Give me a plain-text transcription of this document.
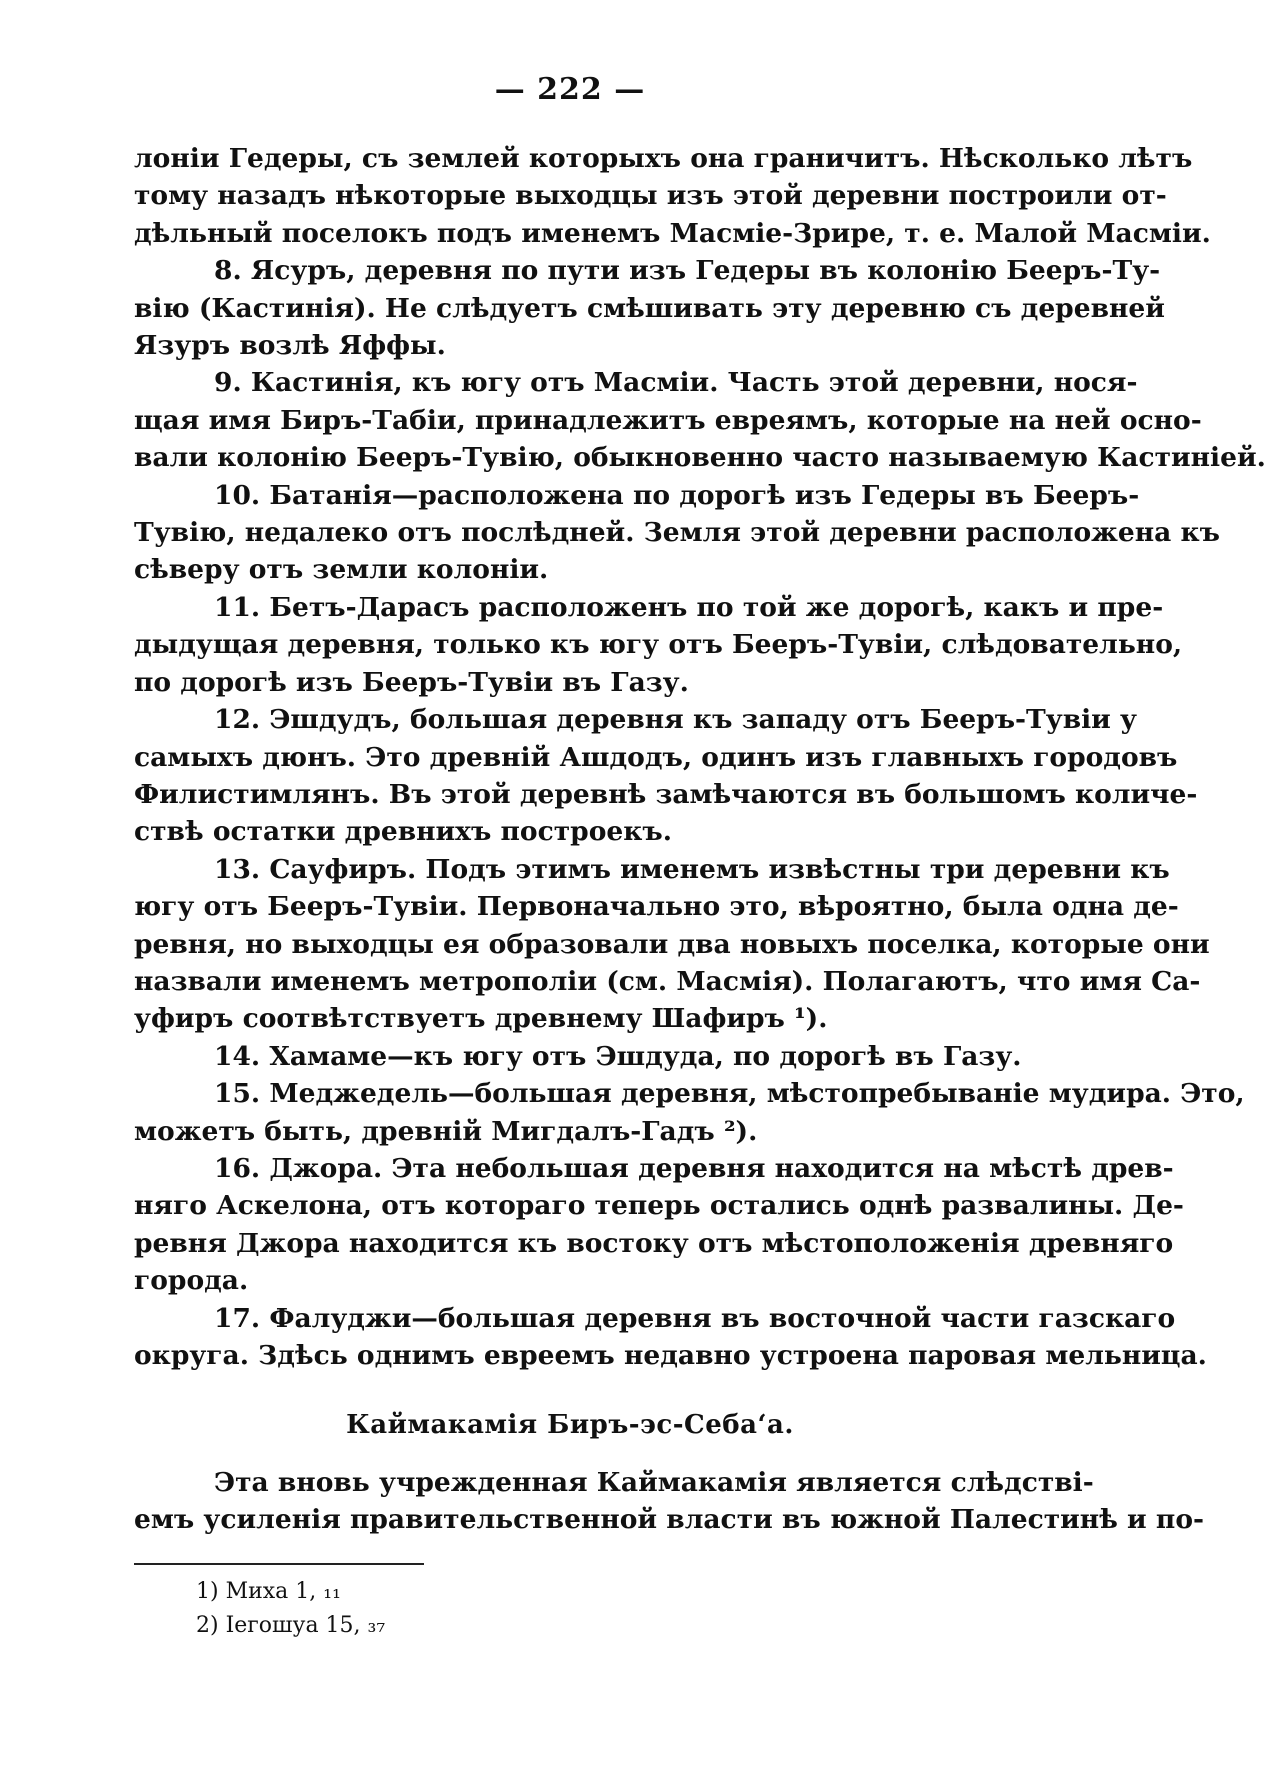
— 222 —
лоніи Гедеры, съ землей которыхъ она граничитъ. Нѣсколько лѣтъ
тому назадъ нѣкоторые выходцы изъ этой деревни построили от-
дѣльный поселокъ подъ именемъ Масміе-Зрире, т. е. Малой Масміи.
8. Ясуръ, деревня по пути изъ Гедеры въ колонію Бееръ-Ту-
вію (Кастинія). Не слѣдуетъ смѣшивать эту деревню съ деревней
Язуръ возлѣ Яффы.
9. Кастинія, къ югу отъ Масміи. Часть этой деревни, нося-
щая имя Биръ-Табіи, принадлежитъ евреямъ, которые на ней осно-
вали колонію Бееръ-Тувію, обыкновенно часто называемую Кастиніей.
10. Батанія—расположена по дорогѣ изъ Гедеры въ Бееръ-
Тувію, недалеко отъ послѣдней. Земля этой деревни расположена къ
сѣверу отъ земли колоніи.
11. Бетъ-Дарасъ расположенъ по той же дорогѣ, какъ и пре-
дыдущая деревня, только къ югу отъ Бееръ-Тувіи, слѣдовательно,
по дорогѣ изъ Бееръ-Тувіи въ Газу.
12. Эшдудъ, большая деревня къ западу отъ Бееръ-Тувіи у
самыхъ дюнъ. Это древній Ашдодъ, одинъ изъ главныхъ городовъ
Филистимлянъ. Въ этой деревнѣ замѣчаются въ большомъ количе-
ствѣ остатки древнихъ построекъ.
13. Сауфиръ. Подъ этимъ именемъ извѣстны три деревни къ
югу отъ Бееръ-Тувіи. Первоначально это, вѣроятно, была одна де-
ревня, но выходцы ея образовали два новыхъ поселка, которые они
назвали именемъ метрополіи (см. Масмія). Полагаютъ, что имя Са-
уфиръ соотвѣтствуетъ древнему Шафиръ ¹).
14. Хамаме—къ югу отъ Эшдуда, по дорогѣ въ Газу.
15. Меджедель—большая деревня, мѣстопребываніе мудира. Это,
можетъ быть, древній Мигдалъ-Гадъ ²).
16. Джора. Эта небольшая деревня находится на мѣстѣ древ-
няго Аскелона, отъ котораго теперь остались однѣ развалины. Де-
ревня Джора находится къ востоку отъ мѣстоположенія древняго
города.
17. Фалуджи—большая деревня въ восточной части газскаго
округа. Здѣсь однимъ евреемъ недавно устроена паровая мельница.
Каймакамія Биръ-эс-Себа‘а.
Эта вновь учрежденная Каймакамія является слѣдстві-
емъ усиленія правительственной власти въ южной Палестинѣ и по-
1) Миха 1, ₁₁
2) Іегошуа 15, ₃₇
